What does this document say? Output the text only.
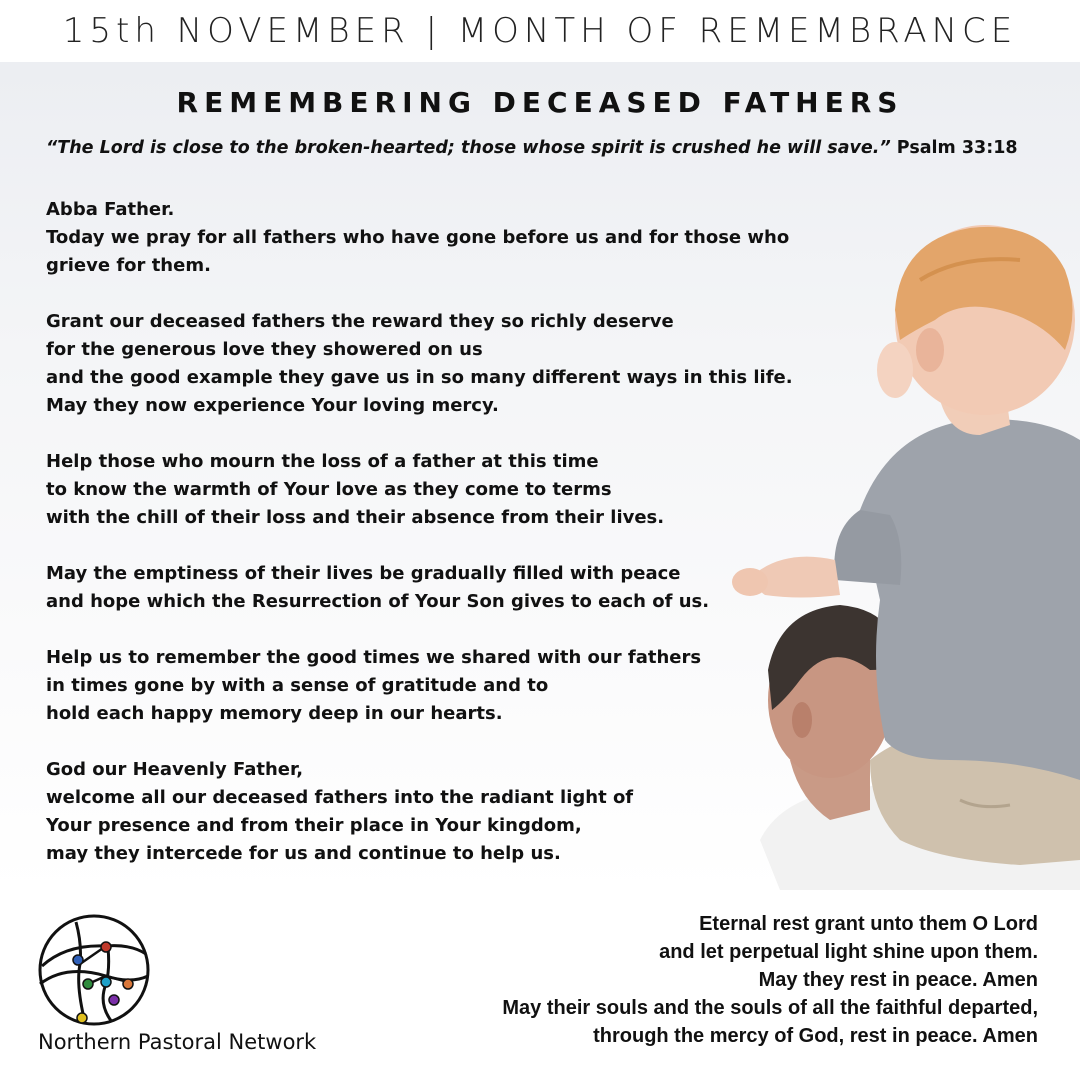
15th NOVEMBER | MONTH OF REMEMBRANCE
REMEMBERING DECEASED FATHERS
“The Lord is close to the broken-hearted; those whose spirit is crushed he will save.” Psalm 33:18

Abba Father.
Today we pray for all fathers who have gone before us and for those who
grieve for them.

Grant our deceased fathers the reward they so richly deserve
for the generous love they showered on us
and the good example they gave us in so many different ways in this life.
May they now experience Your loving mercy.

Help those who mourn the loss of a father at this time
to know the warmth of Your love as they come to terms
with the chill of their loss and their absence from their lives.

May the emptiness of their lives be gradually filled with peace
and hope which the Resurrection of Your Son gives to each of us.

Help us to remember the good times we shared with our fathers
in times gone by with a sense of gratitude and to
hold each happy memory deep in our hearts.

God our Heavenly Father,
welcome all our deceased fathers into the radiant light of
Your presence and from their place in Your kingdom,
may they intercede for us and continue to help us.

Northern Pastoral Network
Eternal rest grant unto them O Lord
and let perpetual light shine upon them.
May they rest in peace. Amen
May their souls and the souls of all the faithful departed,
through the mercy of God, rest in peace. Amen
